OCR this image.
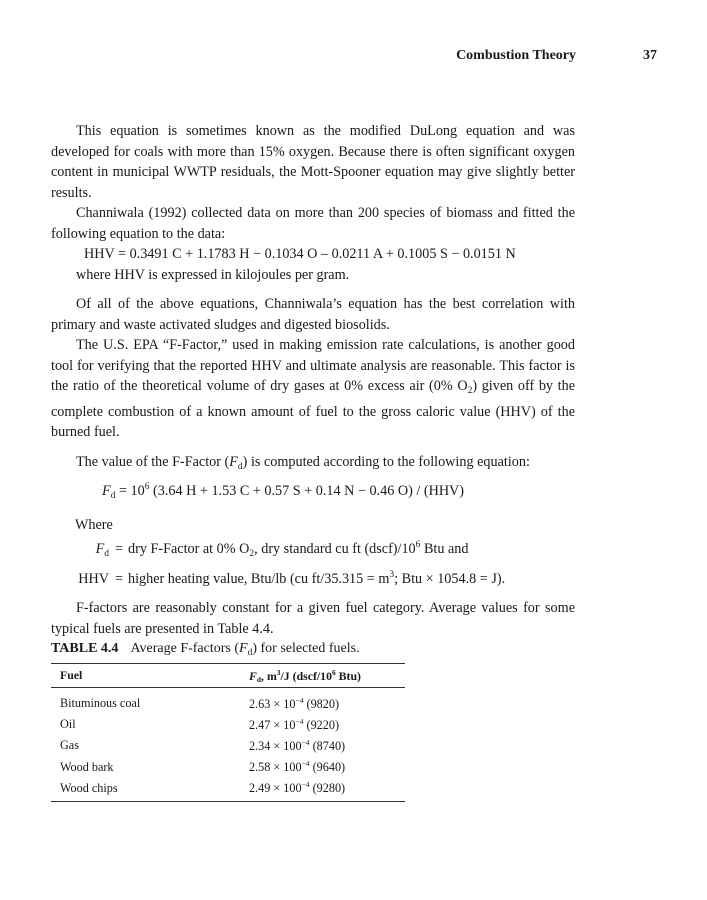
Combustion Theory	37

This equation is sometimes known as the modified DuLong equation and was developed for coals with more than 15% oxygen. Because there is often significant oxygen content in municipal WWTP residuals, the Mott-Spooner equation may give slightly better results.

Channiwala (1992) collected data on more than 200 species of biomass and fitted the following equation to the data:

HHV = 0.3491 C + 1.1783 H − 0.1034 O – 0.0211 A + 0.1005 S − 0.0151 N

where HHV is expressed in kilojoules per gram.

Of all of the above equations, Channiwala’s equation has the best correlation with primary and waste activated sludges and digested biosolids.

The U.S. EPA “F-Factor,” used in making emission rate calculations, is another good tool for verifying that the reported HHV and ultimate analysis are reasonable. This factor is the ratio of the theoretical volume of dry gases at 0% excess air (0% $O_2$) given off by the complete combustion of a known amount of fuel to the gross caloric value (HHV) of the burned fuel.

The value of the F-Factor $(F_d)$ is computed according to the following equation:

$F_d = 10^6$ (3.64 H + 1.53 C + 0.57 S + 0.14 N − 0.46 O) / (HHV)

Where
$F_d$ = dry F-Factor at 0% $O_2$, dry standard cu ft $(dscf)/10^6$ Btu and
HHV = higher heating value, Btu/lb (cu $ft/35.315 = m^3$; Btu × 1054.8 = J).

F-factors are reasonably constant for a given fuel category. Average values for some typical fuels are presented in Table 4.4.

TABLE 4.4 Average F-factors $(F_d)$ for selected fuels.
Fuel	Fd, $m^3/J$ ($dscf/10^6$ Btu)
Bituminous coal	$2.63 \times 10^{-4}$ (9820)
Oil	$2.47 \times 10^{-4}$ (9220)
Gas	$2.34 \times 100^{-4}$ (8740)
Wood bark	$2.58 \times 100^{-4}$ (9640)
Wood chips	$2.49 \times 100^{-4}$ (9280)
